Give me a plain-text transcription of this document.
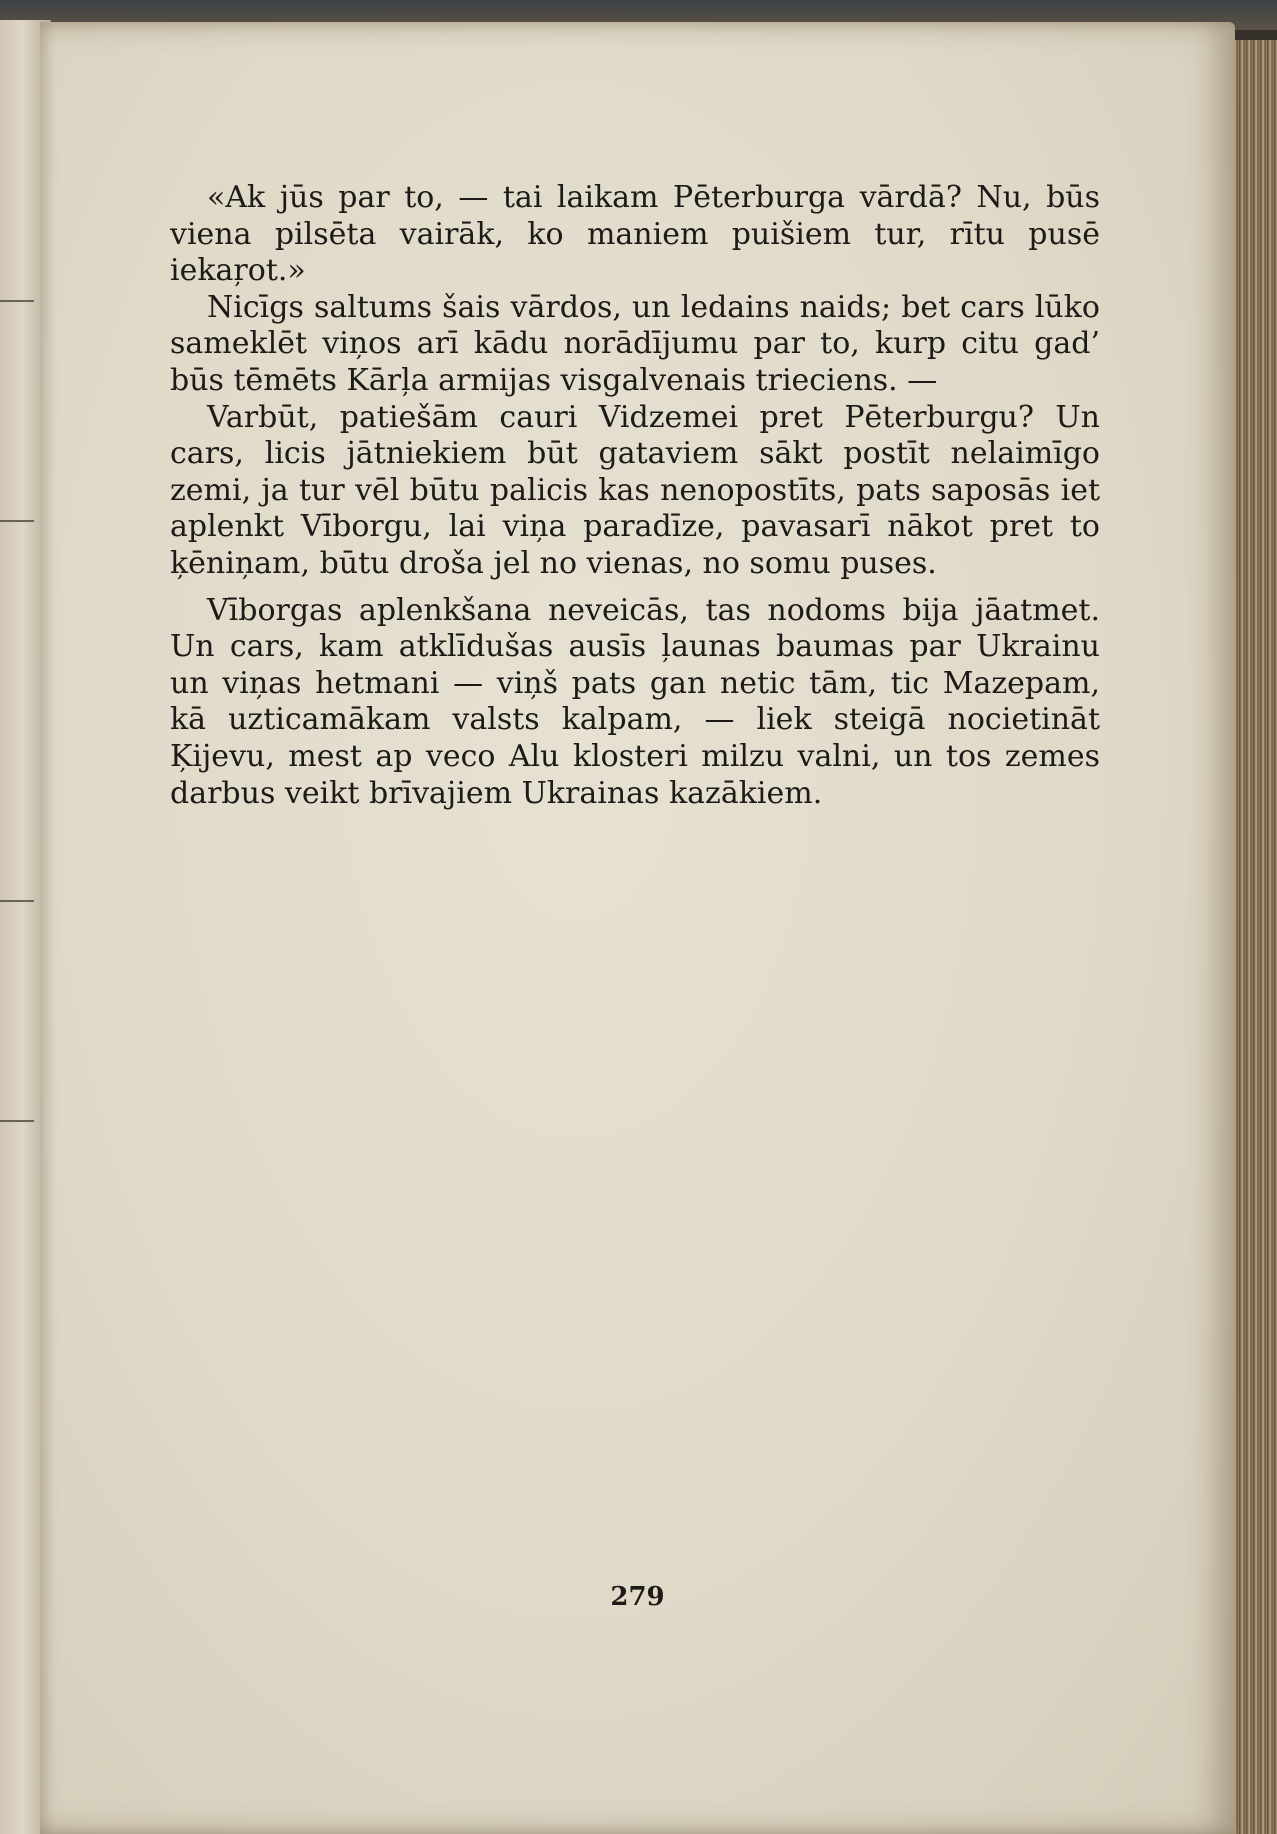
«Ak jūs par to, — tai laikam Pēterburga vārdā? Nu, būs viena pilsēta vairāk, ko maniem puišiem tur, rītu pusē iekaŗot.»

Nicīgs saltums šais vārdos, un ledains naids; bet cars lūko sameklēt viņos arī kādu norādījumu par to, kurp citu gad’ būs tēmēts Kārļa armijas visgalvenais trieciens. —

Varbūt, patiešām cauri Vidzemei pret Pēterburgu? Un cars, licis jātniekiem būt gataviem sākt postīt nelaimīgo zemi, ja tur vēl būtu palicis kas nenopostīts, pats saposās iet aplenkt Vīborgu, lai viņa paradīze, pavasarī nākot pret to ķēniņam, būtu droša jel no vienas, no somu puses.

Vīborgas aplenkšana neveicās, tas nodoms bija jāatmet. Un cars, kam atklīdušas ausīs ļaunas baumas par Ukrainu un viņas hetmani — viņš pats gan netic tām, tic Mazepam, kā uzticamākam valsts kalpam, — liek steigā nocietināt Ķijevu, mest ap veco Alu klosteri milzu valni, un tos zemes darbus veikt brīvajiem Ukrainas kazākiem.

279
